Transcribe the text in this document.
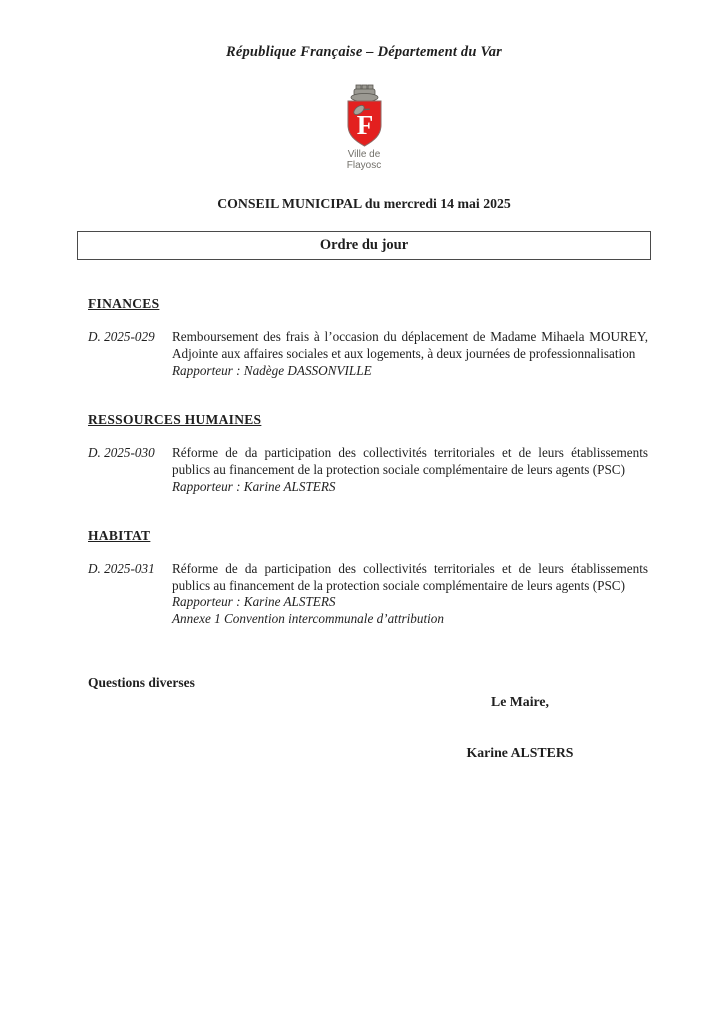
République Française – Département du Var
F
Ville de
Flayosc
CONSEIL MUNICIPAL du mercredi 14 mai 2025
Ordre du jour
FINANCES
D. 2025-029	Remboursement des frais à l’occasion du déplacement de Madame Mihaela MOUREY, Adjointe aux affaires sociales et aux logements, à deux journées de professionnalisation
Rapporteur : Nadège DASSONVILLE
RESSOURCES HUMAINES
D. 2025-030	Réforme de da participation des collectivités territoriales et de leurs établissements publics au financement de la protection sociale complémentaire de leurs agents (PSC)
Rapporteur : Karine ALSTERS
HABITAT
D. 2025-031	Réforme de da participation des collectivités territoriales et de leurs établissements publics au financement de la protection sociale complémentaire de leurs agents (PSC)
Rapporteur : Karine ALSTERS
Annexe 1 Convention intercommunale d’attribution
Questions diverses
Le Maire,
Karine ALSTERS
